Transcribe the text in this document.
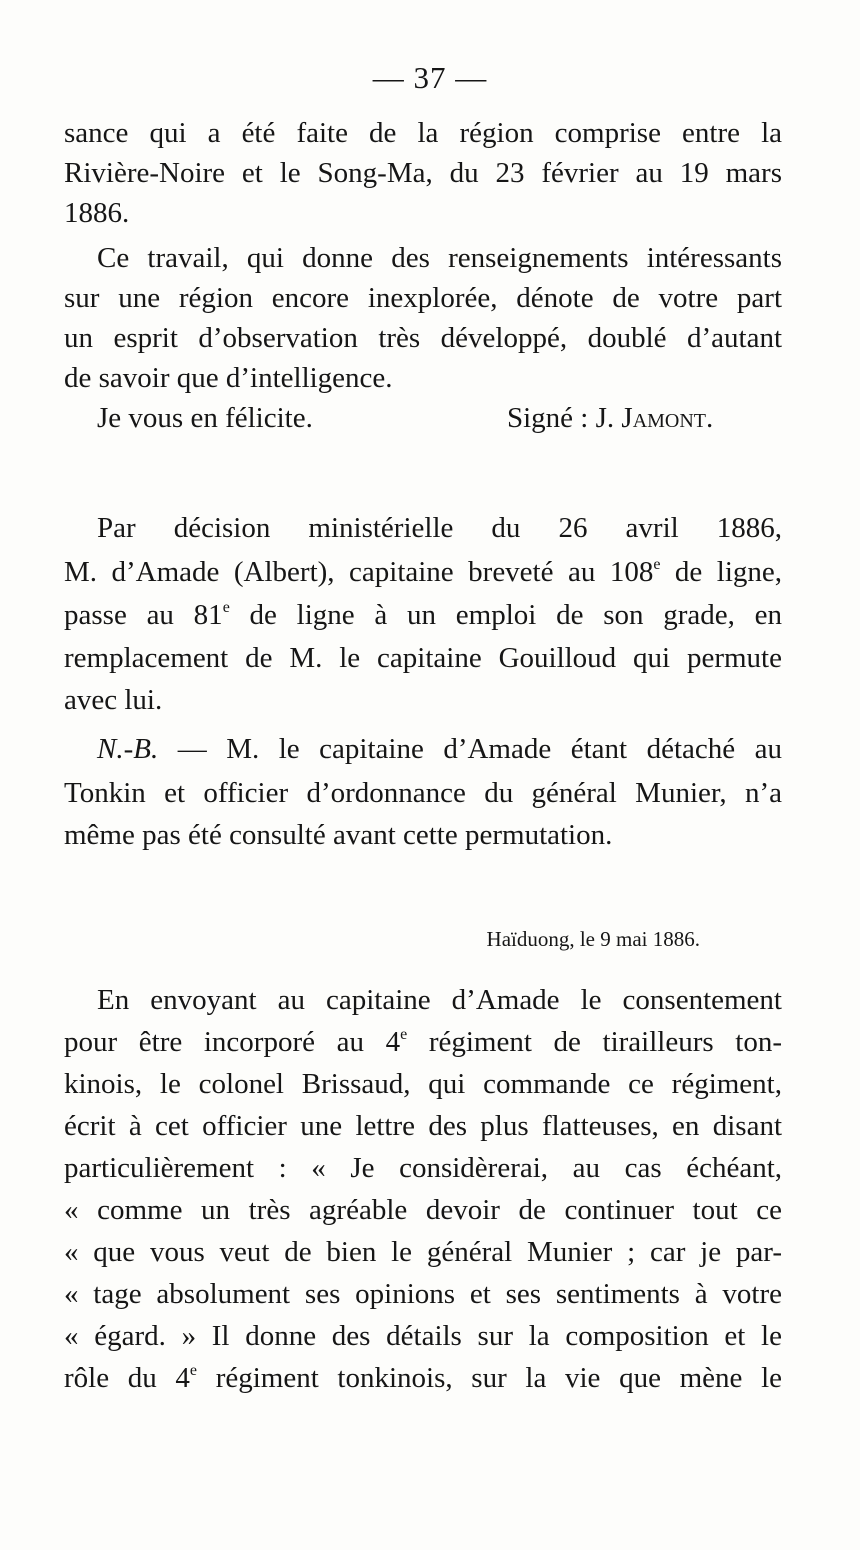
— 37 —
sance qui a été faite de la région comprise entre la
Rivière-Noire et le Song-Ma, du 23 février au 19 mars
1886.
Ce travail, qui donne des renseignements intéressants
sur une région encore inexplorée, dénote de votre part
un esprit d’observation très développé, doublé d’autant
de savoir que d’intelligence.
Je vous en félicite.	Signé : J. Jamont.
Par décision ministérielle du 26 avril 1886,
M. d’Amade (Albert), capitaine breveté au 108e de ligne,
passe au 81e de ligne à un emploi de son grade, en
remplacement de M. le capitaine Gouilloud qui permute
avec lui.
N.-B. — M. le capitaine d’Amade étant détaché au
Tonkin et officier d’ordonnance du général Munier, n’a
même pas été consulté avant cette permutation.
Haïduong, le 9 mai 1886.
En envoyant au capitaine d’Amade le consentement
pour être incorporé au 4e régiment de tirailleurs ton-
kinois, le colonel Brissaud, qui commande ce régiment,
écrit à cet officier une lettre des plus flatteuses, en disant
particulièrement : « Je considèrerai, au cas échéant,
« comme un très agréable devoir de continuer tout ce
« que vous veut de bien le général Munier ; car je par-
« tage absolument ses opinions et ses sentiments à votre
« égard. » Il donne des détails sur la composition et le
rôle du 4e régiment tonkinois, sur la vie que mène le
